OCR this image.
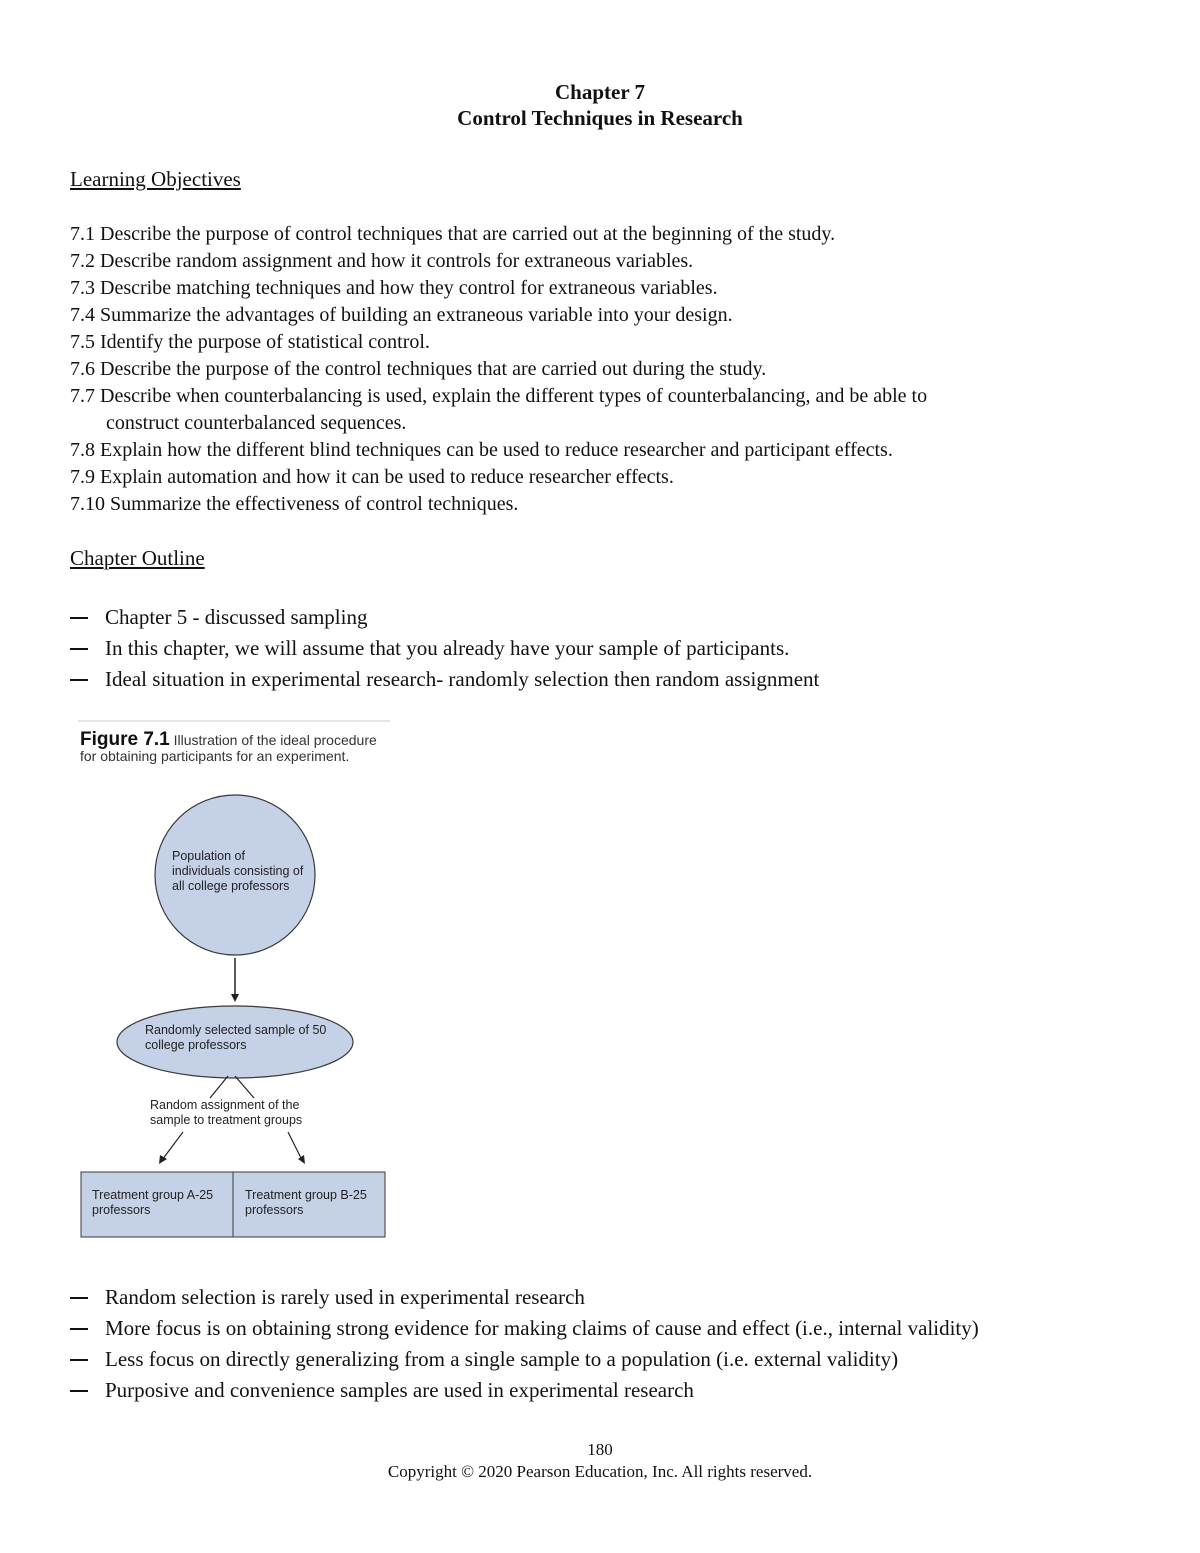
Chapter 7
Control Techniques in Research
Learning Objectives
7.1 Describe the purpose of control techniques that are carried out at the beginning of the study.
7.2 Describe random assignment and how it controls for extraneous variables.
7.3 Describe matching techniques and how they control for extraneous variables.
7.4 Summarize the advantages of building an extraneous variable into your design.
7.5 Identify the purpose of statistical control.
7.6 Describe the purpose of the control techniques that are carried out during the study.
7.7 Describe when counterbalancing is used, explain the different types of counterbalancing, and be able to
construct counterbalanced sequences.
7.8 Explain how the different blind techniques can be used to reduce researcher and participant effects.
7.9 Explain automation and how it can be used to reduce researcher effects.
7.10 Summarize the effectiveness of control techniques.
Chapter Outline
Chapter 5 - discussed sampling
In this chapter, we will assume that you already have your sample of participants.
Ideal situation in experimental research- randomly selection then random assignment
Figure 7.1 Illustration of the ideal procedure for obtaining participants for an experiment.
Population of individuals consisting of all college professors
Randomly selected sample of 50 college professors
Random assignment of the sample to treatment groups
Treatment group A-25 professors
Treatment group B-25 professors
Random selection is rarely used in experimental research
More focus is on obtaining strong evidence for making claims of cause and effect (i.e., internal validity)
Less focus on directly generalizing from a single sample to a population (i.e. external validity)
Purposive and convenience samples are used in experimental research
180
Copyright © 2020 Pearson Education, Inc. All rights reserved.
